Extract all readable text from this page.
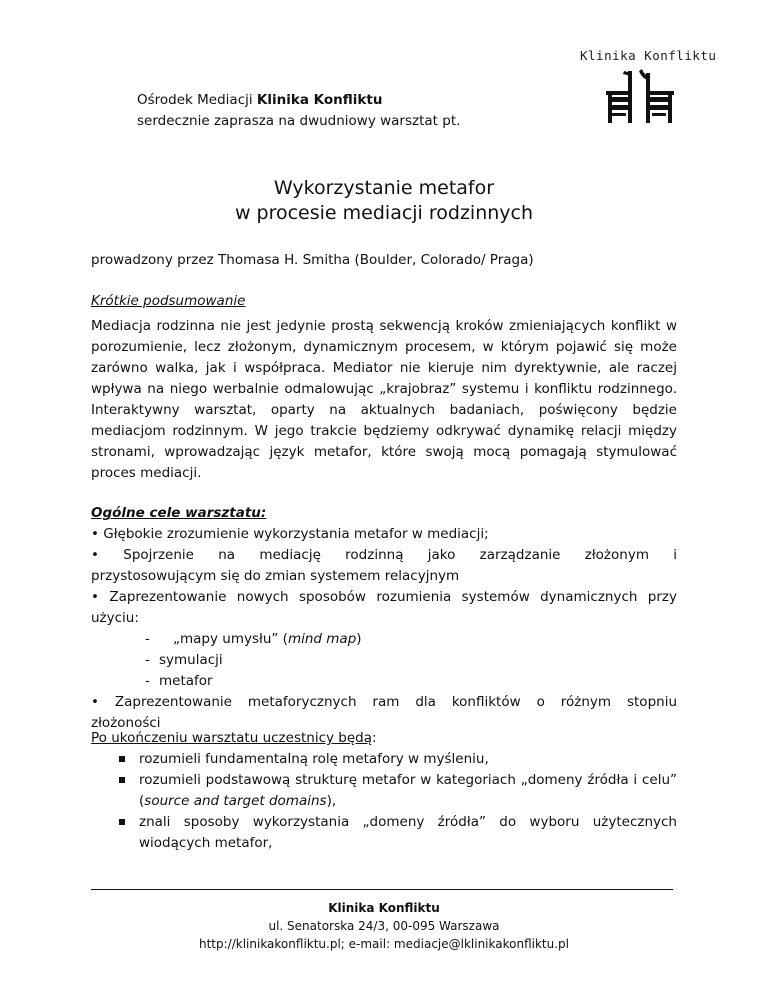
Klinika Konfliktu
Ośrodek Mediacji Klinika Konfliktu
serdecznie zaprasza na dwudniowy warsztat pt.
Wykorzystanie metafor
w procesie mediacji rodzinnych
prowadzony przez Thomasa H. Smitha (Boulder, Colorado/ Praga)
Krótkie podsumowanie
Mediacja rodzinna nie jest jedynie prostą sekwencją kroków zmieniających konflikt w porozumienie, lecz złożonym, dynamicznym procesem, w którym pojawić się może zarówno walka, jak i współpraca. Mediator nie kieruje nim dyrektywnie, ale raczej wpływa na niego werbalnie odmalowując „krajobraz” systemu i konfliktu rodzinnego. Interaktywny warsztat, oparty na aktualnych badaniach, poświęcony będzie mediacjom rodzinnym. W jego trakcie będziemy odkrywać dynamikę relacji między stronami, wprowadzając język metafor, które swoją mocą pomagają stymulować proces mediacji.
Ogólne cele warsztatu:
• Głębokie zrozumienie wykorzystania metafor w mediacji;
• Spojrzenie na mediację rodzinną jako zarządzanie złożonym i
przystosowującym się do zmian systemem relacyjnym
• Zaprezentowanie nowych sposobów rozumienia systemów dynamicznych przy
użyciu:
- „mapy umysłu” (mind map)
- symulacji
- metafor
• Zaprezentowanie metaforycznych ram dla konfliktów o różnym stopniu
złożoności
Po ukończeniu warsztatu uczestnicy będą:
rozumieli fundamentalną rolę metafory w myśleniu,
rozumieli podstawową strukturę metafor w kategoriach „domeny źródła i celu” (source and target domains),
znali sposoby wykorzystania „domeny źródła” do wyboru użytecznych wiodących metafor,
Klinika Konfliktu
ul. Senatorska 24/3, 00-095 Warszawa
http://klinikakonfliktu.pl; e-mail: mediacje@lklinikakonfliktu.pl
